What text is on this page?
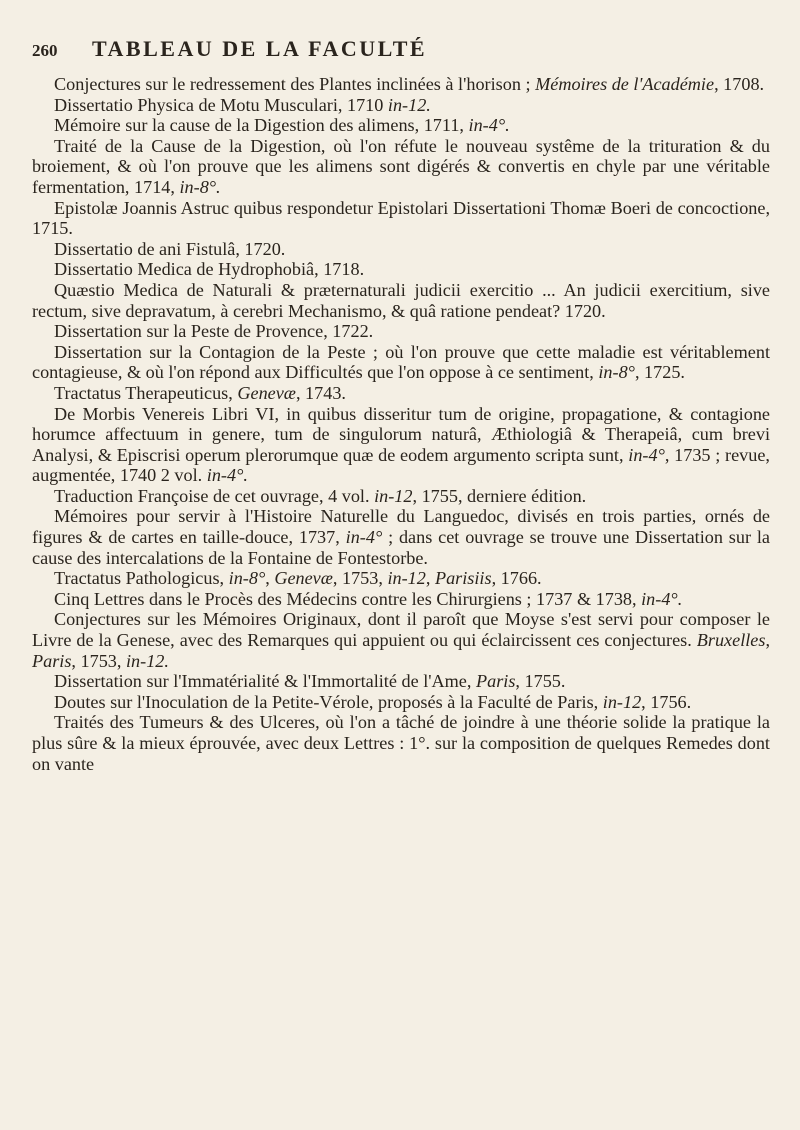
260	TABLEAU DE LA FACULTÉ

Conjectures sur le redressement des Plantes inclinées à l'horison ; Mémoires de l'Académie, 1708.

Dissertatio Physica de Motu Musculari, 1710 in-12.

Mémoire sur la cause de la Digestion des alimens, 1711, in-4°.

Traité de la Cause de la Digestion, où l'on réfute le nouveau systême de la trituration & du broiement, & où l'on prouve que les alimens sont digérés & convertis en chyle par une véritable fermentation, 1714, in-8°.

Epistolæ Joannis Astruc quibus respondetur Epistolari Dissertationi Thomæ Boeri de concoctione, 1715.

Dissertatio de ani Fistulâ, 1720.

Dissertatio Medica de Hydrophobiâ, 1718.

Quæstio Medica de Naturali & præternaturali judicii exercitio ... An judicii exercitium, sive rectum, sive depravatum, à cerebri Mechanismo, & quâ ratione pendeat? 1720.

Dissertation sur la Peste de Provence, 1722.

Dissertation sur la Contagion de la Peste ; où l'on prouve que cette maladie est véritablement contagieuse, & où l'on répond aux Difficultés que l'on oppose à ce sentiment, in-8°, 1725.

Tractatus Therapeuticus, Genevæ, 1743.

De Morbis Venereis Libri VI, in quibus disseritur tum de origine, propagatione, & contagione horumce affectuum in genere, tum de singulorum naturâ, Æthiologiâ & Therapeiâ, cum brevi Analysi, & Episcrisi operum plerorumque quæ de eodem argumento scripta sunt, in-4°, 1735 ; revue, augmentée, 1740 2 vol. in-4°.

Traduction Françoise de cet ouvrage, 4 vol. in-12, 1755, derniere édition.

Mémoires pour servir à l'Histoire Naturelle du Languedoc, divisés en trois parties, ornés de figures & de cartes en taille-douce, 1737, in-4° ; dans cet ouvrage se trouve une Dissertation sur la cause des intercalations de la Fontaine de Fontestorbe.

Tractatus Pathologicus, in-8°, Genevæ, 1753, in-12, Parisiis, 1766.

Cinq Lettres dans le Procès des Médecins contre les Chirurgiens ; 1737 & 1738, in-4°.

Conjectures sur les Mémoires Originaux, dont il paroît que Moyse s'est servi pour composer le Livre de la Genese, avec des Remarques qui appuient ou qui éclaircissent ces conjectures. Bruxelles, Paris, 1753, in-12.

Dissertation sur l'Immatérialité & l'Immortalité de l'Ame, Paris, 1755.

Doutes sur l'Inoculation de la Petite-Vérole, proposés à la Faculté de Paris, in-12, 1756.

Traités des Tumeurs & des Ulceres, où l'on a tâché de joindre à une théorie solide la pratique la plus sûre & la mieux éprouvée, avec deux Lettres : 1°. sur la composition de quelques Remedes dont on vante
